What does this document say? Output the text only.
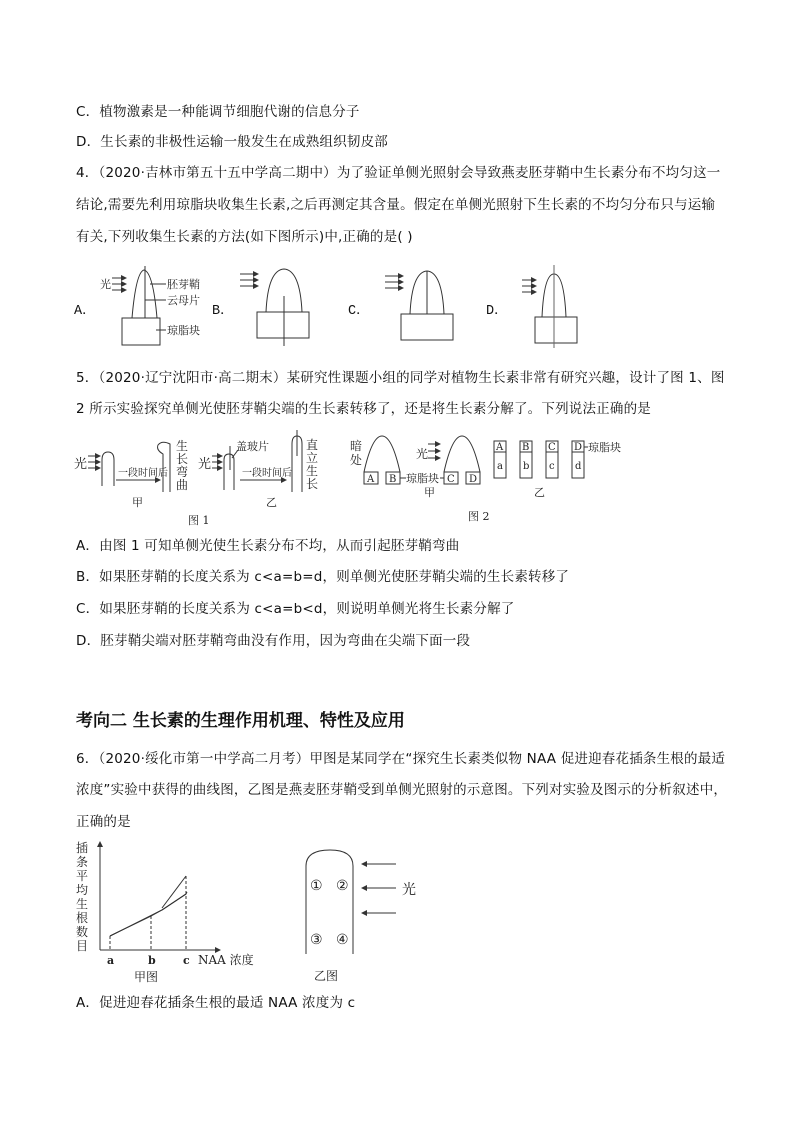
C．植物激素是一种能调节细胞代谢的信息分子
D．生长素的非极性运输一般发生在成熟组织韧皮部
4．（2020·吉林市第五十五中学高二期中）为了验证单侧光照射会导致燕麦胚芽鞘中生长素分布不均匀这一
结论,需要先利用琼脂块收集生长素,之后再测定其含量。假定在单侧光照射下生长素的不均匀分布只与运输
有关,下列收集生长素的方法(如下图所示)中,正确的是( )
A．	B．	C．	D．
光	胚芽鞘
云母片
琼脂块
5．（2020·辽宁沈阳市·高二期末）某研究性课题小组的同学对植物生长素非常有研究兴趣，设计了图 1、图
2 所示实验探究单侧光使胚芽鞘尖端的生长素转移了，还是将生长素分解了。下列说法正确的是
光
一段时间后
生
长
弯
曲
甲
光
盖玻片
一段时间后
直
立
生
长
乙
图 1
暗
处
A B 琼脂块
光
C D
甲
A B C D
a b c d
琼脂块
乙
图 2
A．由图 1 可知单侧光使生长素分布不均，从而引起胚芽鞘弯曲
B．如果胚芽鞘的长度关系为 c<a=b=d，则单侧光使胚芽鞘尖端的生长素转移了
C．如果胚芽鞘的长度关系为 c<a=b<d，则说明单侧光将生长素分解了
D．胚芽鞘尖端对胚芽鞘弯曲没有作用，因为弯曲在尖端下面一段
考向二 生长素的生理作用机理、特性及应用
6．（2020·绥化市第一中学高二月考）甲图是某同学在“探究生长素类似物 NAA 促进迎春花插条生根的最适
浓度”实验中获得的曲线图，乙图是燕麦胚芽鞘受到单侧光照射的示意图。下列对实验及图示的分析叙述中，
正确的是
插
条
平
均
生
根
数
目
a	b c NAA 浓度
甲图
① ②
③ ④
光
乙图
A．促进迎春花插条生根的最适 NAA 浓度为 c
